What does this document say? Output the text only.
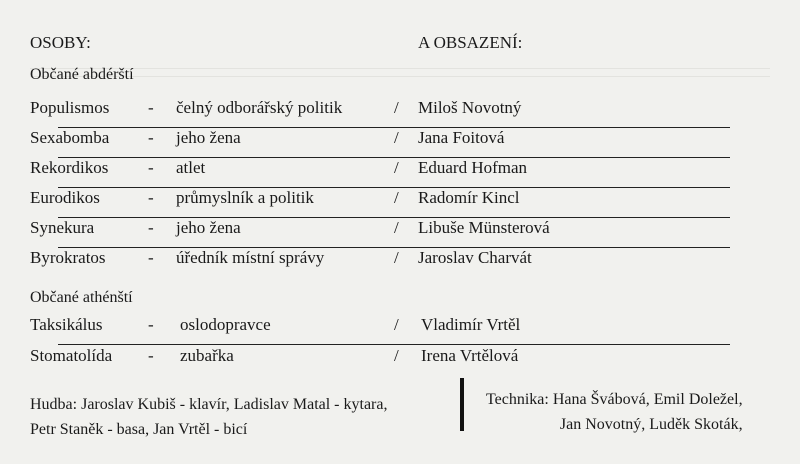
OSOBY:	A OBSAZENÍ:
Občané abdérští
Populismos - čelný odborářský politik	/ Miloš Novotný
Sexabomba - jeho žena	/ Jana Foitová
Rekordikos - atlet	/ Eduard Hofman
Eurodikos	- průmyslník a politik	/ Radomír Kincl
Synekura	- jeho žena	/ Libuše Münsterová
Byrokratos - úředník místní správy	/ Jaroslav Charvát
Občané athénští
Taksikálus	- oslodopravce	/ Vladimír Vrtěl
Stomatolída - zubařka	/ Irena Vrtělová
Hudba: Jaroslav Kubiš - klavír, Ladislav Matal - kytara,
Petr Staněk - basa, Jan Vrtěl - bicí
Technika: Hana Švábová, Emil Doležel,
Jan Novotný, Luděk Skoták,
